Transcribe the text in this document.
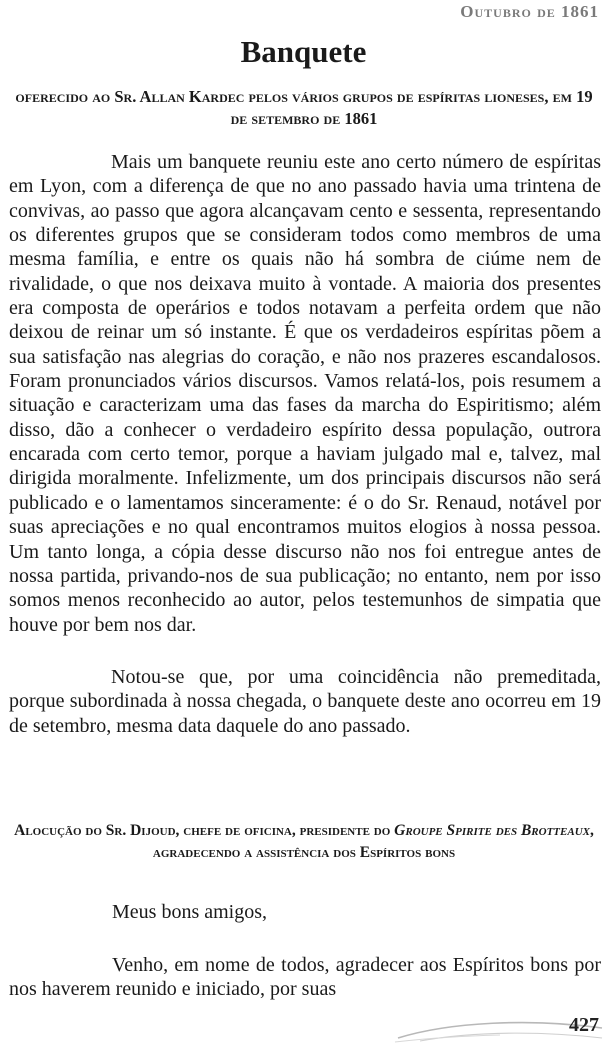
Outubro de 1861
Banquete

oferecido ao Sr. Allan Kardec pelos vários grupos de espíritas lioneses, em 19 de setembro de 1861

Mais um banquete reuniu este ano certo número de espíritas em Lyon, com a diferença de que no ano passado havia uma trintena de convivas, ao passo que agora alcançavam cento e sessenta, representando os diferentes grupos que se consideram todos como membros de uma mesma família, e entre os quais não há sombra de ciúme nem de rivalidade, o que nos deixava muito à vontade. A maioria dos presentes era composta de operários e todos notavam a perfeita ordem que não deixou de reinar um só instante. É que os verdadeiros espíritas põem a sua satisfação nas alegrias do coração, e não nos prazeres escandalosos. Foram pronunciados vários discursos. Vamos relatá-los, pois resumem a situação e caracterizam uma das fases da marcha do Espiritismo; além disso, dão a conhecer o verdadeiro espírito dessa população, outrora encarada com certo temor, porque a haviam julgado mal e, talvez, mal dirigida moralmente. Infelizmente, um dos principais discursos não será publicado e o lamentamos sinceramente: é o do Sr. Renaud, notável por suas apreciações e no qual encontramos muitos elogios à nossa pessoa. Um tanto longa, a cópia desse discurso não nos foi entregue antes de nossa partida, privando-nos de sua publicação; no entanto, nem por isso somos menos reconhecido ao autor, pelos testemunhos de simpatia que houve por bem nos dar.

Notou-se que, por uma coincidência não premeditada, porque subordinada à nossa chegada, o banquete deste ano ocorreu em 19 de setembro, mesma data daquele do ano passado.

Alocução do Sr. Dijoud, chefe de oficina, presidente do Groupe Spirite des Brotteaux, agradecendo a assistência dos Espíritos bons

Meus bons amigos,

Venho, em nome de todos, agradecer aos Espíritos bons por nos haverem reunido e iniciado, por suas

427
